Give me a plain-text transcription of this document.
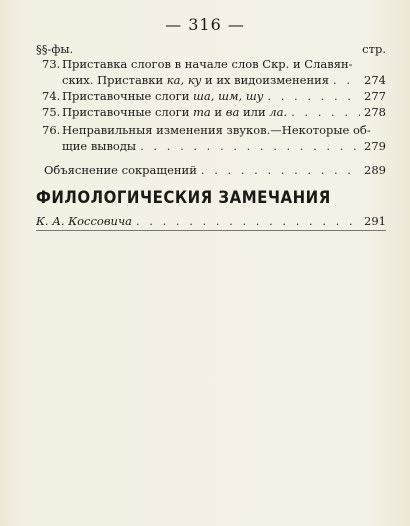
— 316 —
§§-фы.	стр.
73. Приставка слогов в начале слов Скр. и Славян-
ских. Приставки ка, ку и их видоизменения . . .	274
74. Приставочные слоги ша, шм, шу . . .	277
75. Приставочные слоги та и ва или ла. . . .	278
76. Неправильныя изменения звуков.—Некоторые об-
щие выводы . . .	279
Объяснение сокращений . . .	289
ФИЛОЛОГИЧЕСКИЯ ЗАМЕЧАНИЯ
К. А. Коссовича . . .	291
